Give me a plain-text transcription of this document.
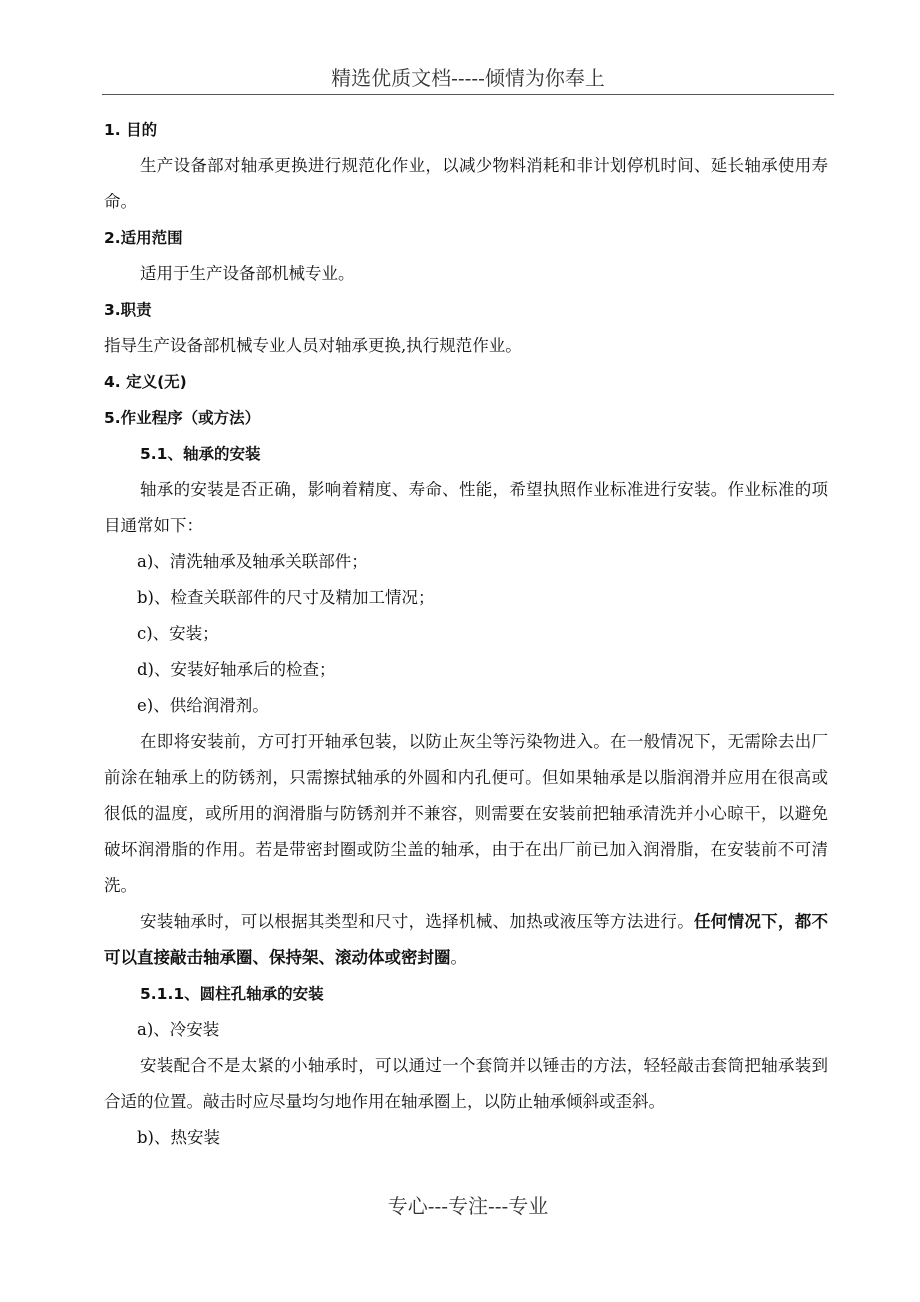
精选优质文档-----倾情为你奉上

1. 目的

生产设备部对轴承更换进行规范化作业，以减少物料消耗和非计划停机时间、延长轴承使用寿命。

2.适用范围

适用于生产设备部机械专业。

3.职责

指导生产设备部机械专业人员对轴承更换,执行规范作业。

4. 定义(无)

5.作业程序（或方法）

5.1、轴承的安装

轴承的安装是否正确，影响着精度、寿命、性能，希望执照作业标准进行安装。作业标准的项目通常如下：

a)、清洗轴承及轴承关联部件；

b)、检查关联部件的尺寸及精加工情况；

c)、安装；

d)、安装好轴承后的检查；

e)、供给润滑剂。

在即将安装前，方可打开轴承包装，以防止灰尘等污染物进入。在一般情况下，无需除去出厂前涂在轴承上的防锈剂，只需擦拭轴承的外圆和内孔便可。但如果轴承是以脂润滑并应用在很高或很低的温度，或所用的润滑脂与防锈剂并不兼容，则需要在安装前把轴承清洗并小心晾干，以避免破坏润滑脂的作用。若是带密封圈或防尘盖的轴承，由于在出厂前已加入润滑脂，在安装前不可清洗。

安装轴承时，可以根据其类型和尺寸，选择机械、加热或液压等方法进行。任何情况下，都不可以直接敲击轴承圈、保持架、滚动体或密封圈。

5.1.1、圆柱孔轴承的安装

a)、冷安装

安装配合不是太紧的小轴承时，可以通过一个套筒并以锤击的方法，轻轻敲击套筒把轴承装到合适的位置。敲击时应尽量均匀地作用在轴承圈上，以防止轴承倾斜或歪斜。

b)、热安装

专心---专注---专业
